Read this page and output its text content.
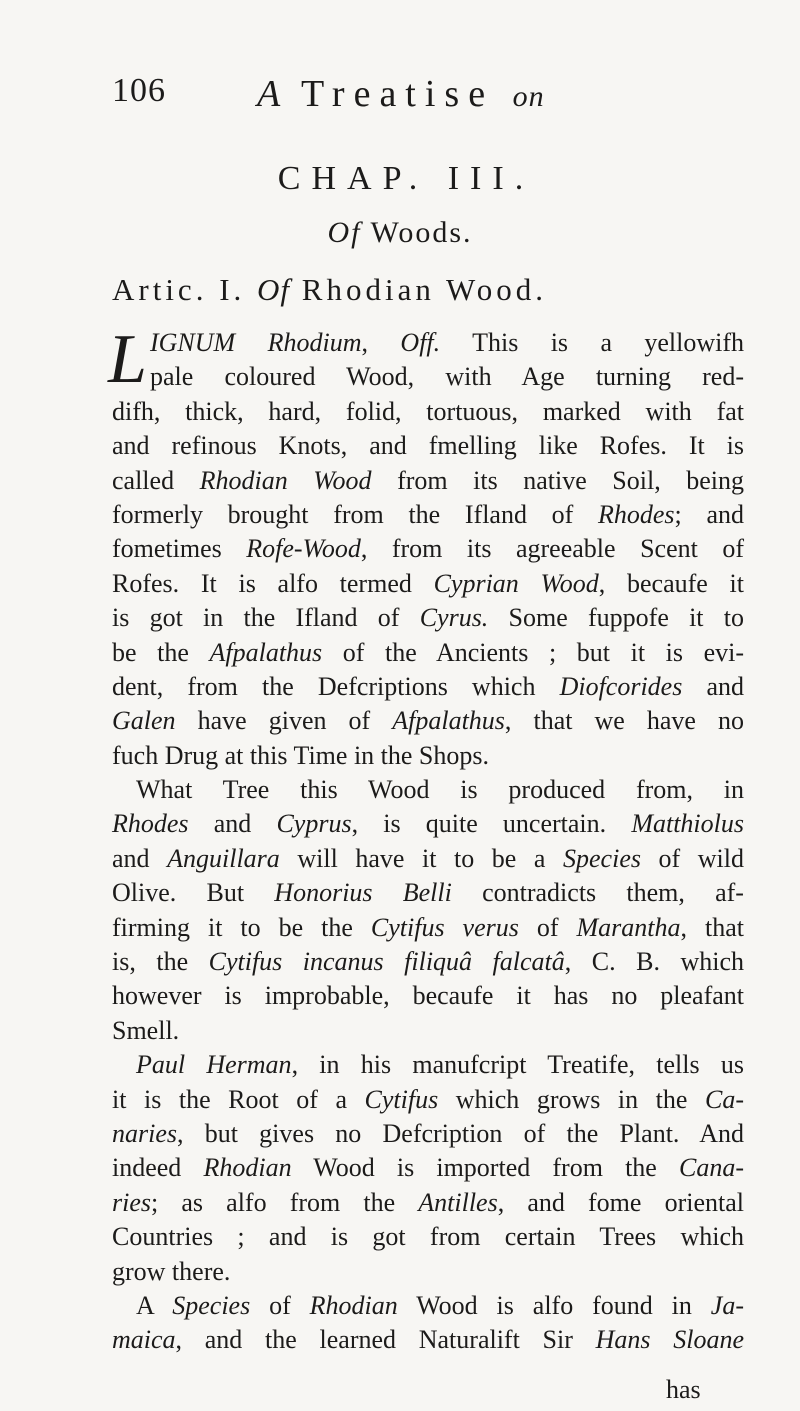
106 A Treatise on
CHAP. III.
Of Woods.
Artic. I. Of Rhodian Wood.
L IGNUM Rhodium, Off. This is a yellowifh
pale coloured Wood, with Age turning red-
difh, thick, hard, folid, tortuous, marked with fat
and refinous Knots, and fmelling like Rofes. It is
called Rhodian Wood from its native Soil, being
formerly brought from the Ifland of Rhodes; and
fometimes Rofe-Wood, from its agreeable Scent of
Rofes. It is alfo termed Cyprian Wood, becaufe it
is got in the Ifland of Cyrus. Some fuppofe it to
be the Afpalathus of the Ancients ; but it is evi-
dent, from the Defcriptions which Diofcorides and
Galen have given of Afpalathus, that we have no
fuch Drug at this Time in the Shops.
What Tree this Wood is produced from, in
Rhodes and Cyprus, is quite uncertain. Matthiolus
and Anguillara will have it to be a Species of wild
Olive. But Honorius Belli contradicts them, af-
firming it to be the Cytifus verus of Marantha, that
is, the Cytifus incanus filiquâ falcatâ, C. B. which
however is improbable, becaufe it has no pleafant
Smell.
Paul Herman, in his manufcript Treatife, tells us
it is the Root of a Cytifus which grows in the Ca-
naries, but gives no Defcription of the Plant. And
indeed Rhodian Wood is imported from the Cana-
ries; as alfo from the Antilles, and fome oriental
Countries ; and is got from certain Trees which
grow there.
A Species of Rhodian Wood is alfo found in Ja-
maica, and the learned Naturalift Sir Hans Sloane
has
